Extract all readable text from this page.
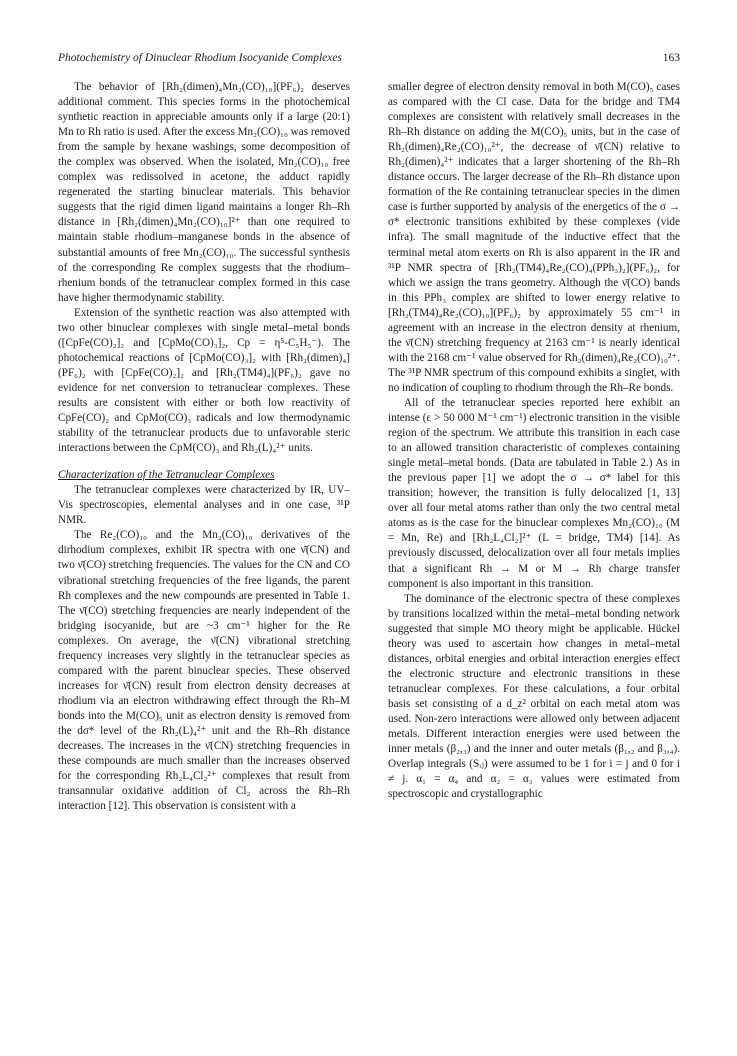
Photochemistry of Dinuclear Rhodium Isocyanide Complexes	163

The behavior of [Rh₂(dimen)₄Mn₂(CO)₁₀](PF₆)₂ deserves additional comment. This species forms in the photochemical synthetic reaction in appreciable amounts only if a large (20:1) Mn to Rh ratio is used. After the excess Mn₂(CO)₁₀ was removed from the sample by hexane washings, some decomposition of the complex was observed. When the isolated, Mn₂(CO)₁₀ free complex was redissolved in acetone, the adduct rapidly regenerated the starting binuclear materials. This behavior suggests that the rigid dimen ligand maintains a longer Rh–Rh distance in [Rh₂(dimen)₄Mn₂(CO)₁₀]²⁺ than one required to maintain stable rhodium–manganese bonds in the absence of substantial amounts of free Mn₂(CO)₁₀. The successful synthesis of the corresponding Re complex suggests that the rhodium–rhenium bonds of the tetranuclear complex formed in this case have higher thermodynamic stability.

Extension of the synthetic reaction was also attempted with two other binuclear complexes with single metal–metal bonds ([CpFe(CO)₂]₂ and [CpMo(CO)₃]₂, Cp = η⁵-C₅H₅⁻). The photochemical reactions of [CpMo(CO)₃]₂ with [Rh₂(dimen)₄](PF₆)₂ with [CpFe(CO)₂]₂ and [Rh₂(TM4)₄](PF₆)₂ gave no evidence for net conversion to tetranuclear complexes. These results are consistent with either or both low reactivity of CpFe(CO)₂ and CpMo(CO)₃ radicals and low thermodynamic stability of the tetranuclear products due to unfavorable steric interactions between the CpM(CO)₃ and Rh₂(L)₄²⁺ units.

Characterization of the Tetranuclear Complexes

The tetranuclear complexes were characterized by IR, UV–Vis spectroscopies, elemental analyses and in one case, ³¹P NMR.

The Re₂(CO)₁₀ and the Mn₂(CO)₁₀ derivatives of the dirhodium complexes, exhibit IR spectra with one ν̄(CN) and two ν̄(CO) stretching frequencies. The values for the CN and CO vibrational stretching frequencies of the free ligands, the parent Rh complexes and the new compounds are presented in Table 1. The ν̄(CO) stretching frequencies are nearly independent of the bridging isocyanide, but are ~3 cm⁻¹ higher for the Re complexes. On average, the ν̄(CN) vibrational stretching frequency increases very slightly in the tetranuclear species as compared with the parent binuclear species. These observed increases for ν̄(CN) result from electron density decreases at rhodium via an electron withdrawing effect through the Rh–M bonds into the M(CO)₅ unit as electron density is removed from the dσ* level of the Rh₂(L)₄²⁺ unit and the Rh–Rh distance decreases. The increases in the ν̄(CN) stretching frequencies in these compounds are much smaller than the increases observed for the corresponding Rh₂L₄Cl₂²⁺ complexes that result from transannular oxidative addition of Cl₂ across the Rh–Rh interaction [12]. This observation is consistent with a

smaller degree of electron density removal in both M(CO)₅ cases as compared with the Cl case. Data for the bridge and TM4 complexes are consistent with relatively small decreases in the Rh–Rh distance on adding the M(CO)₅ units, but in the case of Rh₂(dimen)₄Re₂(CO)₁₀²⁺, the decrease of ν̄(CN) relative to Rh₂(dimen)₄²⁺ indicates that a larger shortening of the Rh–Rh distance occurs. The larger decrease of the Rh–Rh distance upon formation of the Re containing tetranuclear species in the dimen case is further supported by analysis of the energetics of the σ → σ* electronic transitions exhibited by these complexes (vide infra). The small magnitude of the inductive effect that the terminal metal atom exerts on Rh is also apparent in the IR and ³¹P NMR spectra of [Rh₂(TM4)₄Re₂(CO)₄(PPh₃)₂](PF₆)₂, for which we assign the trans geometry. Although the ν̄(CO) bands in this PPh₃ complex are shifted to lower energy relative to [Rh₂(TM4)₄Re₂(CO)₁₀](PF₆)₂ by approximately 55 cm⁻¹ in agreement with an increase in the electron density at rhenium, the ν̄(CN) stretching frequency at 2163 cm⁻¹ is nearly identical with the 2168 cm⁻¹ value observed for Rh₂(dimen)₄Re₂(CO)₁₀²⁺. The ³¹P NMR spectrum of this compound exhibits a singlet, with no indication of coupling to rhodium through the Rh–Re bonds.

All of the tetranuclear species reported here exhibit an intense (ε > 50 000 M⁻¹ cm⁻¹) electronic transition in the visible region of the spectrum. We attribute this transition in each case to an allowed transition characteristic of complexes containing single metal–metal bonds. (Data are tabulated in Table 2.) As in the previous paper [1] we adopt the σ → σ* label for this transition; however, the transition is fully delocalized [1, 13] over all four metal atoms rather than only the two central metal atoms as is the case for the binuclear complexes Mn₂(CO)₁₀ (M = Mn, Re) and [Rh₂L₄Cl₂]²⁺ (L = bridge, TM4) [14]. As previously discussed, delocalization over all four metals implies that a significant Rh → M or M → Rh charge transfer component is also important in this transition.

The dominance of the electronic spectra of these complexes by transitions localized within the metal–metal bonding network suggested that simple MO theory might be applicable. Hückel theory was used to ascertain how changes in metal–metal distances, orbital energies and orbital interaction energies effect the electronic structure and electronic transitions in these tetranuclear complexes. For these calculations, a four orbital basis set consisting of a d_z² orbital on each metal atom was used. Non-zero interactions were allowed only between adjacent metals. Different interaction energies were used between the inner metals (β₂,₃) and the inner and outer metals (β₁,₂ and β₃,₄). Overlap integrals (Sᵢⱼ) were assumed to be 1 for i = j and 0 for i ≠ j. α₁ = α₄ and α₂ = α₃ values were estimated from spectroscopic and crystallographic
